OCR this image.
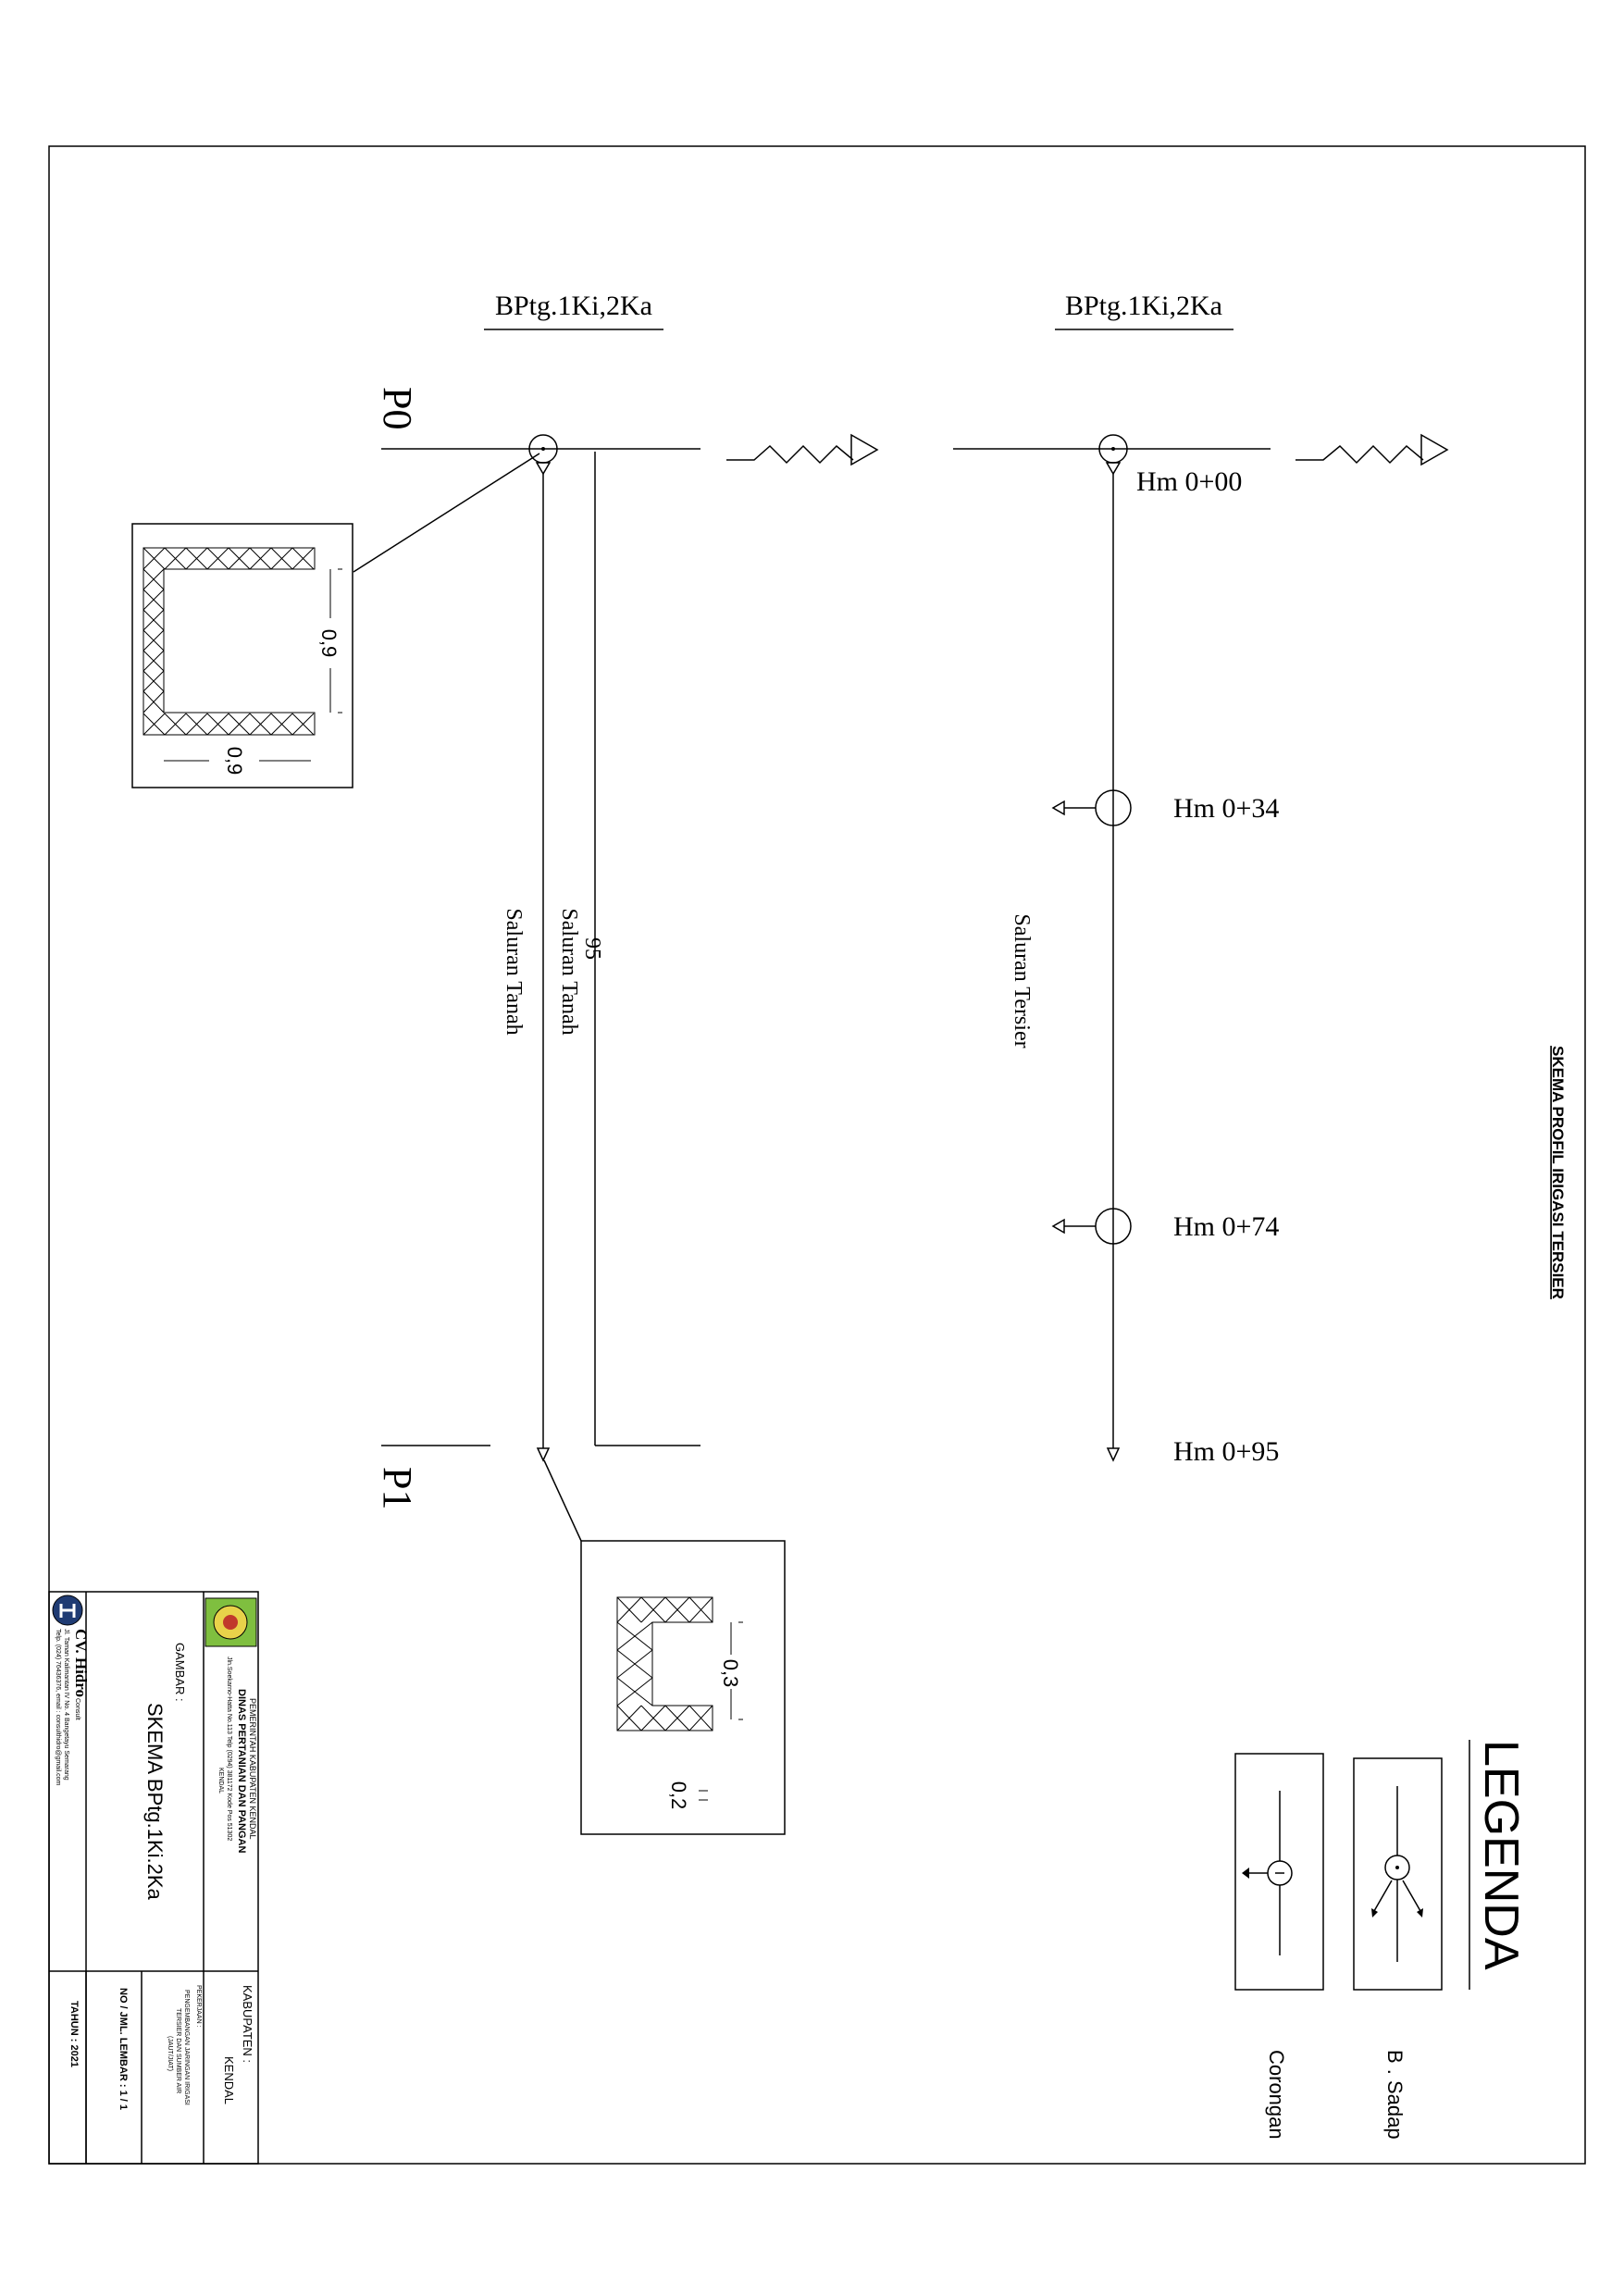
BPtg.1Ki,2Ka
P0
P1
95
Saluran Tanah
Saluran Tanah
0,9
0,9
0,3
0,2
BPtg.1Ki,2Ka
Hm 0+00
Hm 0+34
Saluran Tersier
Hm 0+74
Hm 0+95
SKEMA PROFIL IRIGASI TERSIER
LEGENDA
B . Sadap
Corongan
PEMERINTAH KABUPATEN KENDAL
DINAS PERTANIAN DAN PANGAN
Jln.Soekarno-Hatta No.113 Telp (0294) 381172 Kode Pos 51302
KENDAL
KABUPATEN :
KENDAL
PEKERJAAN :
PENGEMBANGAN JARINGAN IRIGASI
TERSIER DAN SUMBER AIR
(JAUT/JIAT)
GAMBAR :
SKEMA BPtg.1Ki.2Ka
NO / JML. LEMBAR : 1 / 1
TAHUN : 2021
CV. Hidro
Consult
Jl. Taman Kalimantan IV No. 4 Bangetayu Semarang
Telp. (024) 76436376, email : consulthidro@gmail.com
